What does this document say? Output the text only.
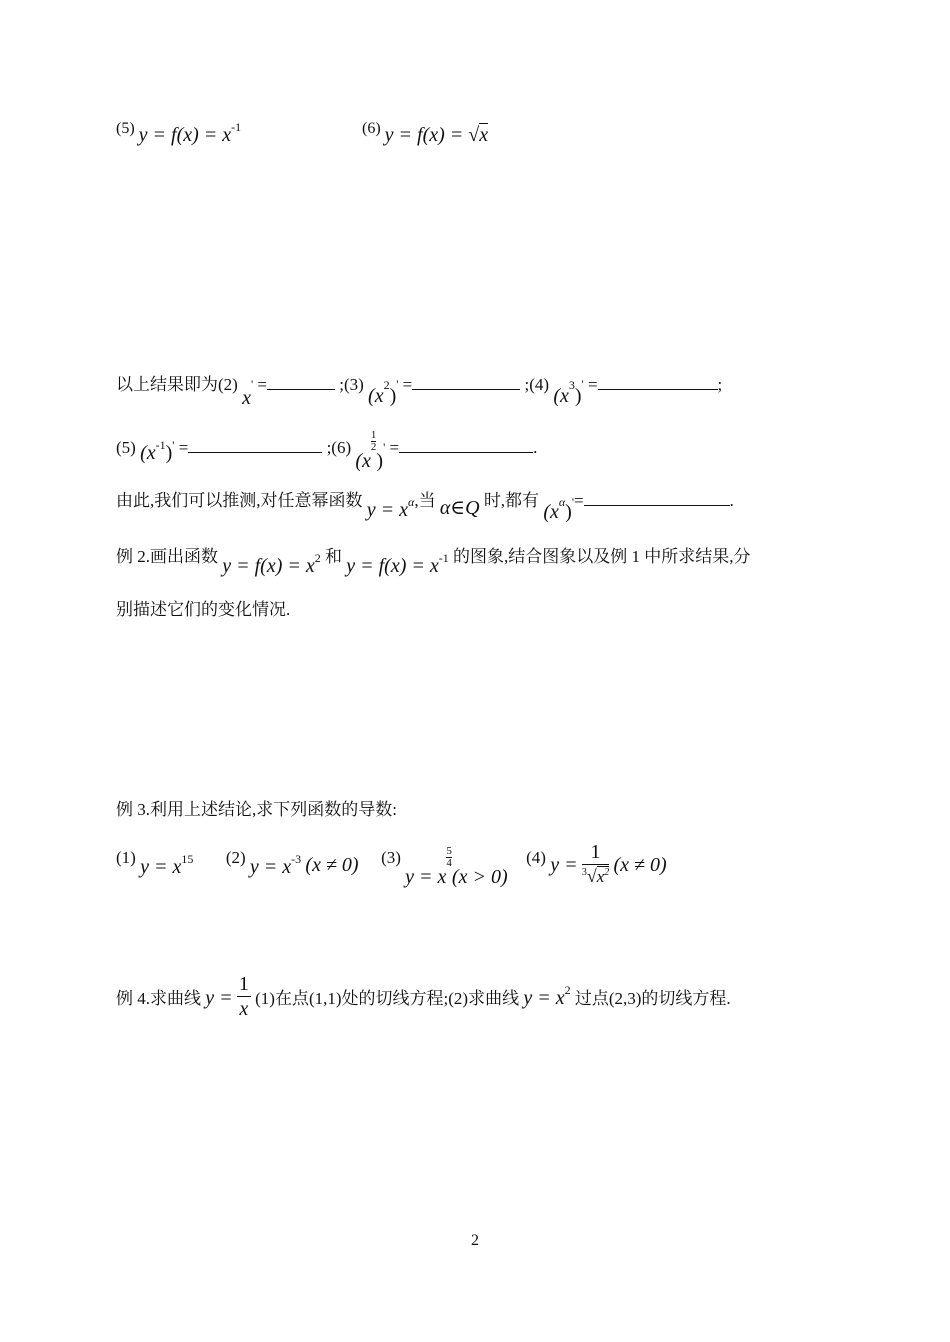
(5) y = f(x) = x-1	(6) y = f(x) = √x
以上结果即为(2) x' =	;(3) (x2)' =	;(4) (x3)' =	;
(5) $(x^{-1})'$ =	;(6) (x
$\frac{1}{2}$
)' =	.
由此,我们可以推测,对任意幂函数 y = xα,当 α∈Q 时,都有 (xα)'=	.
例 2.画出函数 y = f(x) = x2 和 y = f(x) = x-1 的图象,结合图象以及例 1 中所求结果,分
别描述它们的变化情况.
例 3.利用上述结论,求下列函数的导数:
(1) y = x15 (2) y = x-3 (x ≠ 0) (3) y = x
$\frac{5}{4}$
(x > 0)  (4) $y = \frac{1}{^3√x^2} (x \ne 0)$
例 4.求曲线 $y = \frac{1}{x} (1)$在点(1,1)处的切线方程;(2)求曲线 y = x2 过点(2,3)的切线方程.
2
